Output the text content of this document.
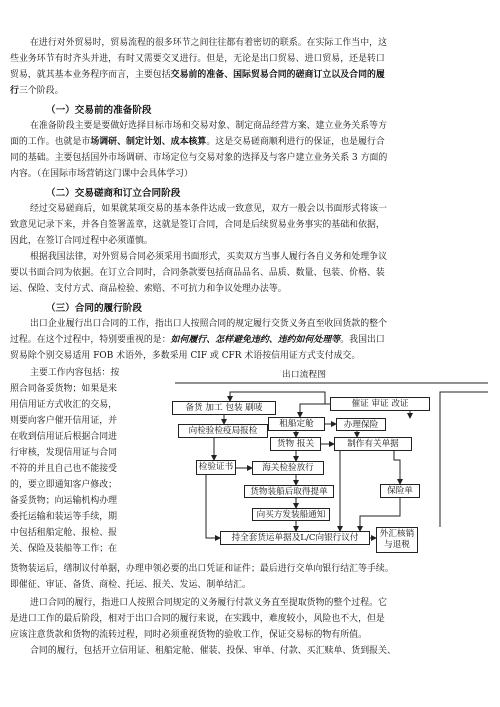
在进行对外贸易时，贸易流程的很多环节之间往往都有着密切的联系。在实际工作当中，这
些业务环节有时齐头并进，有时又需要交叉进行。但是，无论是出口贸易、进口贸易，还是转口
贸易，就其基本业务程序而言，主要包括交易前的准备、国际贸易合同的磋商订立以及合同的履
行三个阶段。
（一）交易前的准备阶段
在准备阶段主要是要做好选择目标市场和交易对象、制定商品经营方案、建立业务关系等方
面的工作。也就是市场调研、制定计划、成本核算。这是交易磋商顺利进行的保证，也是履行合
同的基础。主要包括国外市场调研、市场定位与交易对象的选择及与客户建立业务关系 3 方面的
内容。（在国际市场营销这门课中会具体学习）
（二）交易磋商和订立合同阶段
经过交易磋商后，如果就某项交易的基本条件达成一致意见，双方一般会以书面形式将该一
致意见记录下来，并各自签署盖章，这就是签订合同，合同是后续贸易业务事实的基础和依据，
因此，在签订合同过程中必须谨慎。
根据我国法律，对外贸易合同必须采用书面形式，买卖双方当事人履行各自义务和处理争议
要以书面合同为依据。在订立合同时，合同条款要包括商品品名、品质、数量、包装、价格、装
运、保险、支付方式、商品检验、索赔、不可抗力和争议处理办法等。
（三）合同的履行阶段
出口企业履行出口合同的工作，指出口人按照合同的规定履行交货义务直至收回货款的整个
过程。在这个过程中，特别要重视的是：如何履行、怎样避免违约、违约如何处理等。我国出口
贸易除个别交易适用 FOB 术语外，多数采用 CIF 或 CFR 术语按信用证方式支付成交。
主要工作内容包括：按
照合同备妥货物；如果是来
用信用证方式收汇的交易，
则要向客户催开信用证，并
在收到信用证后根据合同进
行审核，发现信用证与合同
不符的并且自己也不能接受
的，要立即通知客户修改；
备妥货物；向运输机构办理
委托运输和装运等手续，期
中包括租船定舱、报检、报
关、保险及装船等工作；在
货物装运后，缮制议付单据，办理申领必要的出口凭证和证件；最后进行交单向银行结汇等手续。
即催征、审证、备货、商检、托运、报关、发运、制单结汇。
进口合同的履行，指进口人按照合同规定的义务履行付款义务直至提取货物的整个过程。它
是进口工作的最后阶段，相对于出口合同的履行来说，在实践中，难度较小，风险也不大，但是
应该注意货款和货物的流转过程，同时必须重视货物的验收工作，保证交易标的物有所值。
合同的履行，包括开立信用证、租船定舱、催装、投保、审单、付款、买汇赎单、货到报关、
出口流程图
备货 加工 包装 刷唛	催证 审证 改证
向检验检疫局报检
租船定舱	办理保险
货物 报关	制作有关单据
检验证书	海关检验放行
货物装船后取得提单	保险单
向买方发装船通知
持全套货运单据及L/C向银行议付	外汇核销
与退税
